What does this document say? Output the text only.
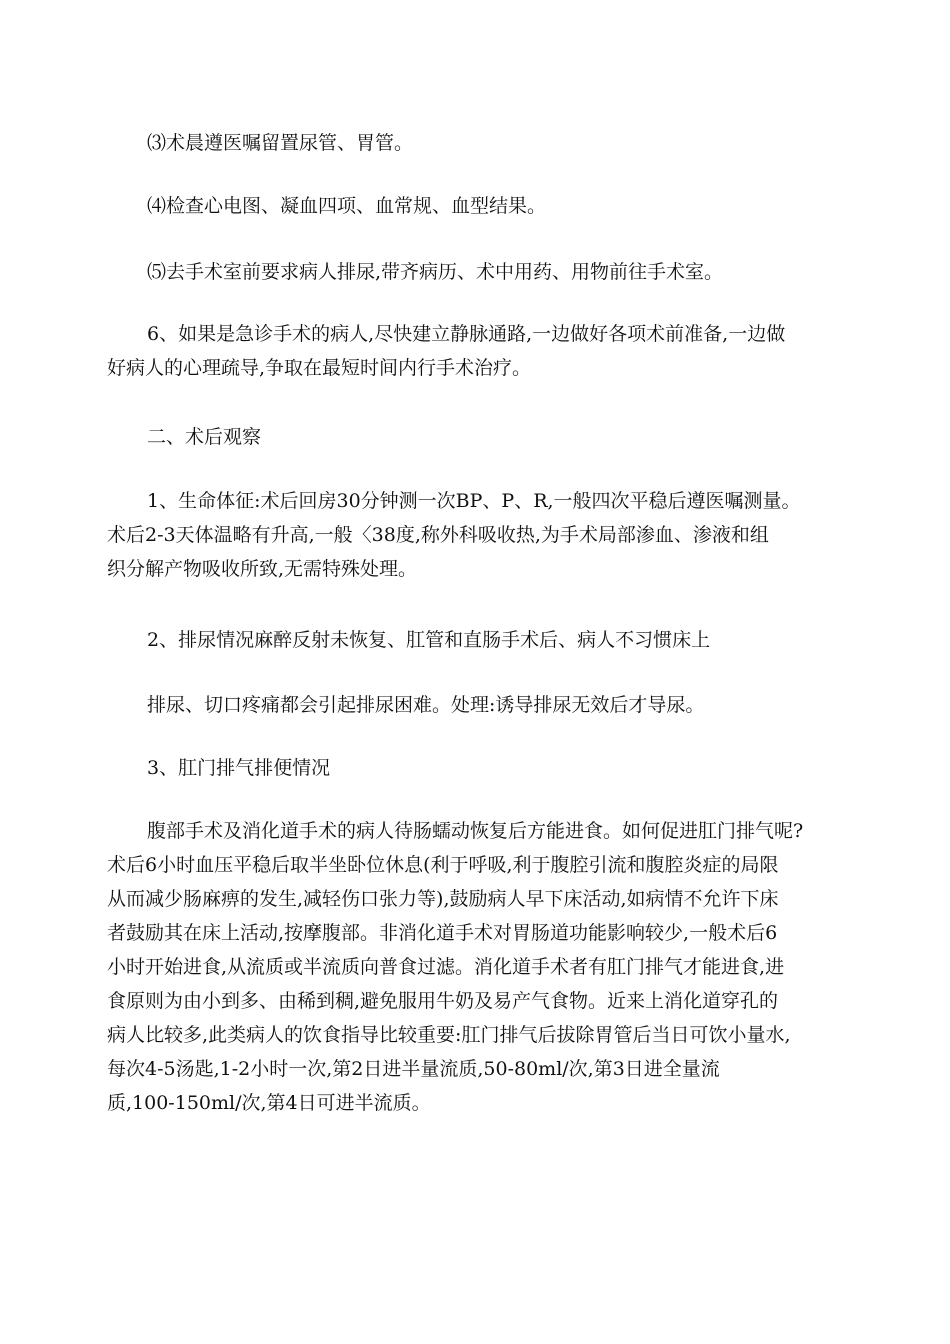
⑶术晨遵医嘱留置尿管、胃管。

⑷检查心电图、凝血四项、血常规、血型结果。

⑸去手术室前要求病人排尿,带齐病历、术中用药、用物前往手术室。

6、如果是急诊手术的病人,尽快建立静脉通路,一边做好各项术前准备,一边做
好病人的心理疏导,争取在最短时间内行手术治疗。

二、术后观察

1、生命体征:术后回房30分钟测一次BP、P、R,一般四次平稳后遵医嘱测量。
术后2-3天体温略有升高,一般〈38度,称外科吸收热,为手术局部渗血、渗液和组
织分解产物吸收所致,无需特殊处理。

2、排尿情况麻醉反射未恢复、肛管和直肠手术后、病人不习惯床上

排尿、切口疼痛都会引起排尿困难。处理:诱导排尿无效后才导尿。

3、肛门排气排便情况

腹部手术及消化道手术的病人待肠蠕动恢复后方能进食。如何促进肛门排气呢?
术后6小时血压平稳后取半坐卧位休息(利于呼吸,利于腹腔引流和腹腔炎症的局限
从而减少肠麻痹的发生,减轻伤口张力等),鼓励病人早下床活动,如病情不允许下床
者鼓励其在床上活动,按摩腹部。非消化道手术对胃肠道功能影响较少,一般术后6
小时开始进食,从流质或半流质向普食过滤。消化道手术者有肛门排气才能进食,进
食原则为由小到多、由稀到稠,避免服用牛奶及易产气食物。近来上消化道穿孔的
病人比较多,此类病人的饮食指导比较重要:肛门排气后拔除胃管后当日可饮小量水,
每次4-5汤匙,1-2小时一次,第2日进半量流质,50-80ml/次,第3日进全量流
质,100-150ml/次,第4日可进半流质。
